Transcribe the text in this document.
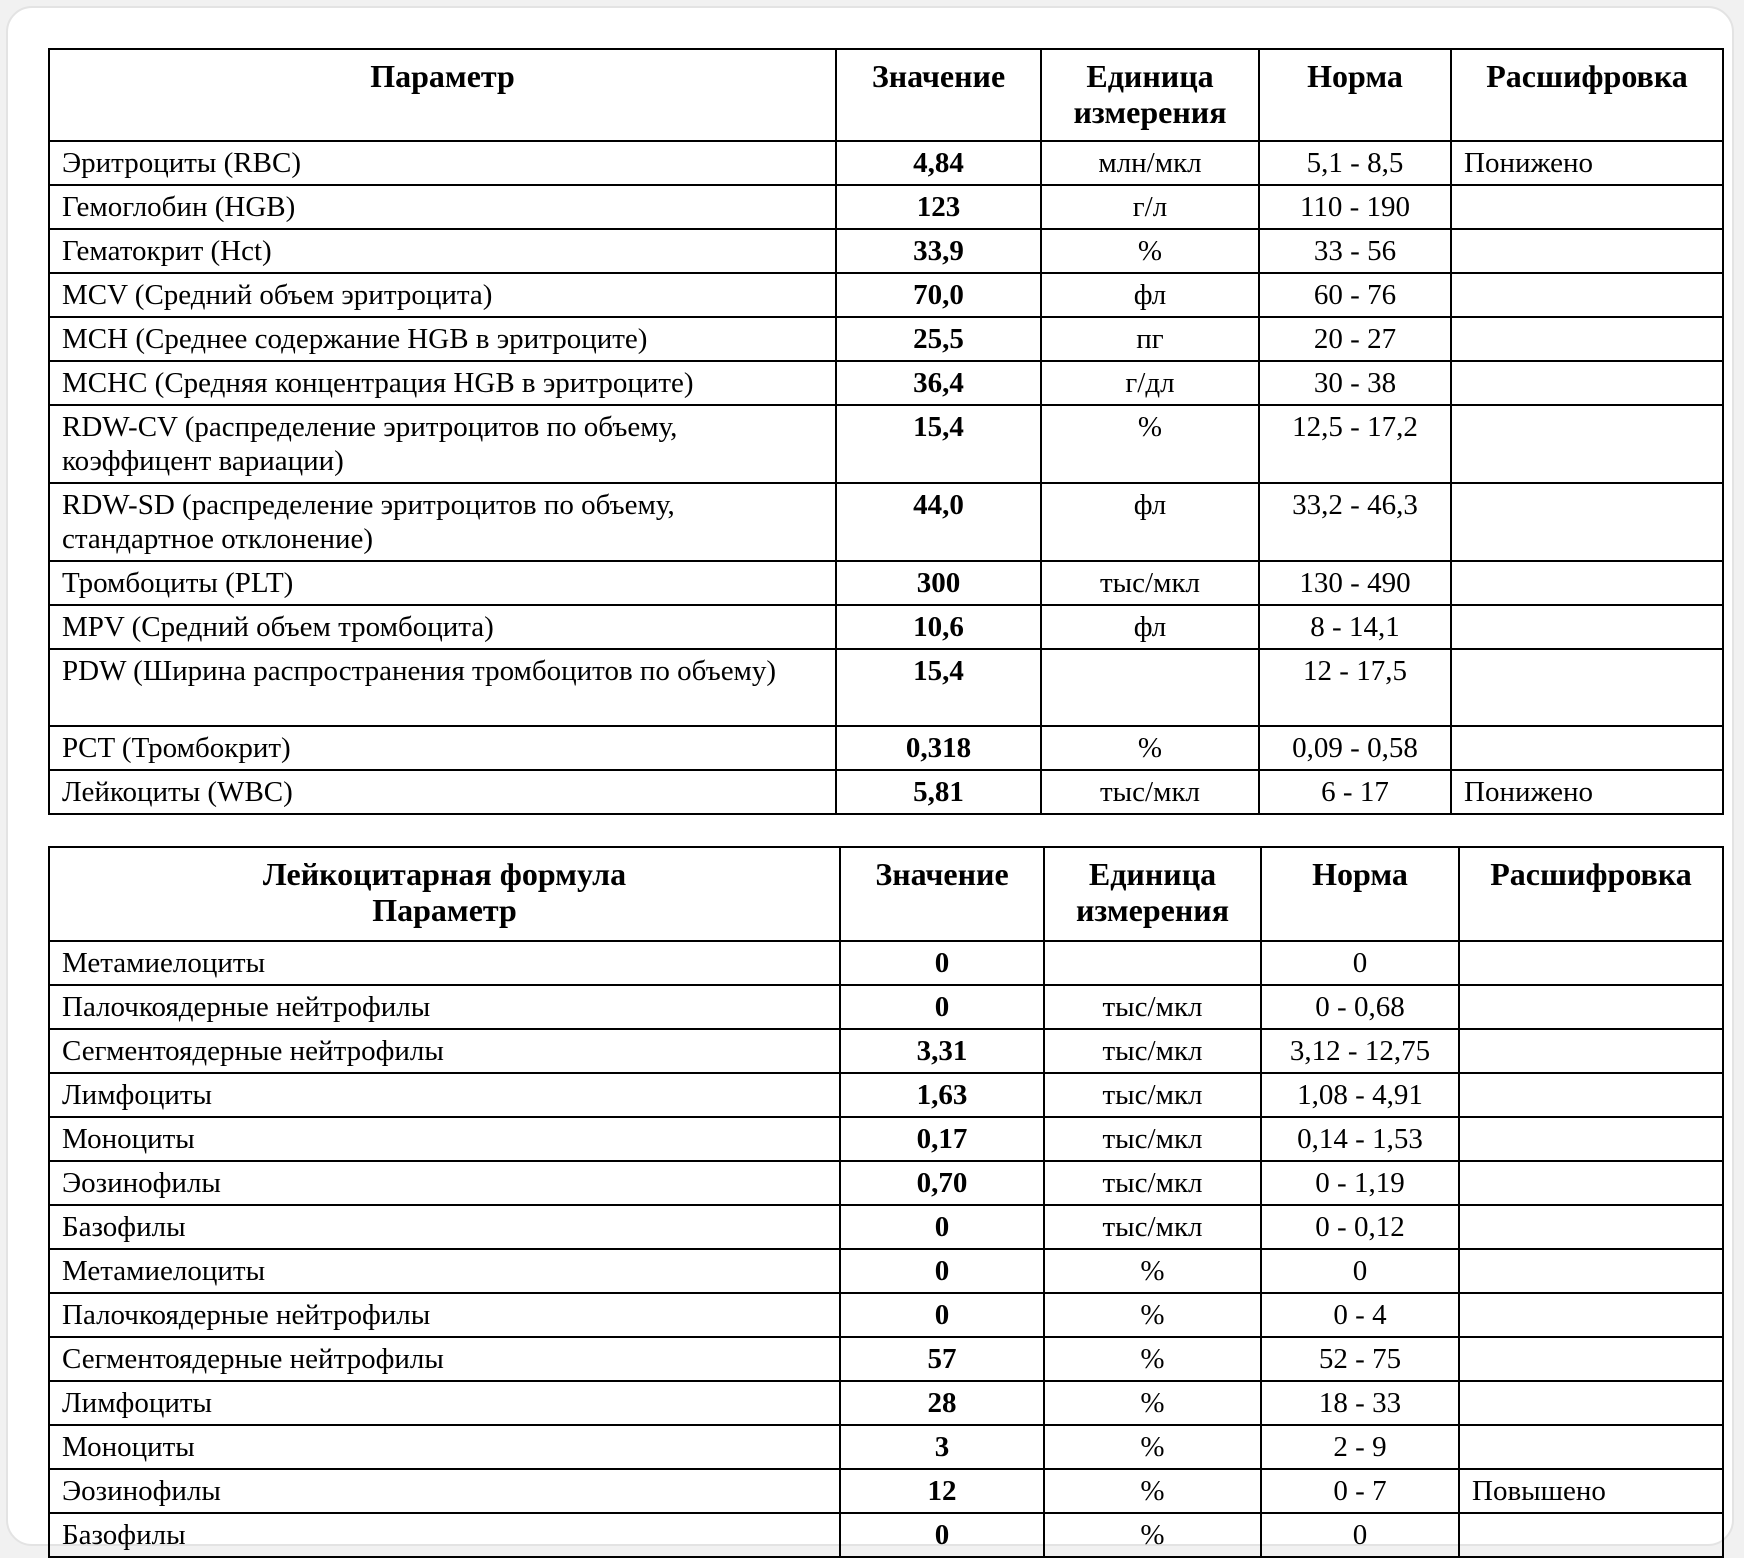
Параметр	Значение	Единица измерения	Норма	Расшифровка
Эритроциты (RBC)	4,84	млн/мкл	5,1 - 8,5	Понижено
Гемоглобин (HGB)	123	г/л	110 - 190	
Гематокрит (Hct)	33,9	%	33 - 56	
MCV (Средний объем эритроцита)	70,0	фл	60 - 76	
MCH (Среднее содержание HGB в эритроците)	25,5	пг	20 - 27	
MCHC (Средняя концентрация HGB в эритроците)	36,4	г/дл	30 - 38	
RDW-CV (распределение эритроцитов по объему, коэффицент вариации)	15,4	%	12,5 - 17,2	
RDW-SD (распределение эритроцитов по объему, стандартное отклонение)	44,0	фл	33,2 - 46,3	
Тромбоциты (PLT)	300	тыс/мкл	130 - 490	
MPV (Средний объем тромбоцита)	10,6	фл	8 - 14,1	
PDW (Ширина распространения тромбоцитов по объему)	15,4		12 - 17,5	
PCT (Тромбокрит)	0,318	%	0,09 - 0,58	
Лейкоциты (WBC)	5,81	тыс/мкл	6 - 17	Понижено
Лейкоцитарная формула
Параметр	Значение	Единица измерения	Норма	Расшифровка
Метамиелоциты	0		0	
Палочкоядерные нейтрофилы	0	тыс/мкл	0 - 0,68	
Сегментоядерные нейтрофилы	3,31	тыс/мкл	3,12 - 12,75	
Лимфоциты	1,63	тыс/мкл	1,08 - 4,91	
Моноциты	0,17	тыс/мкл	0,14 - 1,53	
Эозинофилы	0,70	тыс/мкл	0 - 1,19	
Базофилы	0	тыс/мкл	0 - 0,12	
Метамиелоциты	0	%	0	
Палочкоядерные нейтрофилы	0	%	0 - 4	
Сегментоядерные нейтрофилы	57	%	52 - 75	
Лимфоциты	28	%	18 - 33	
Моноциты	3	%	2 - 9	
Эозинофилы	12	%	0 - 7	Повышено
Базофилы	0	%	0	
